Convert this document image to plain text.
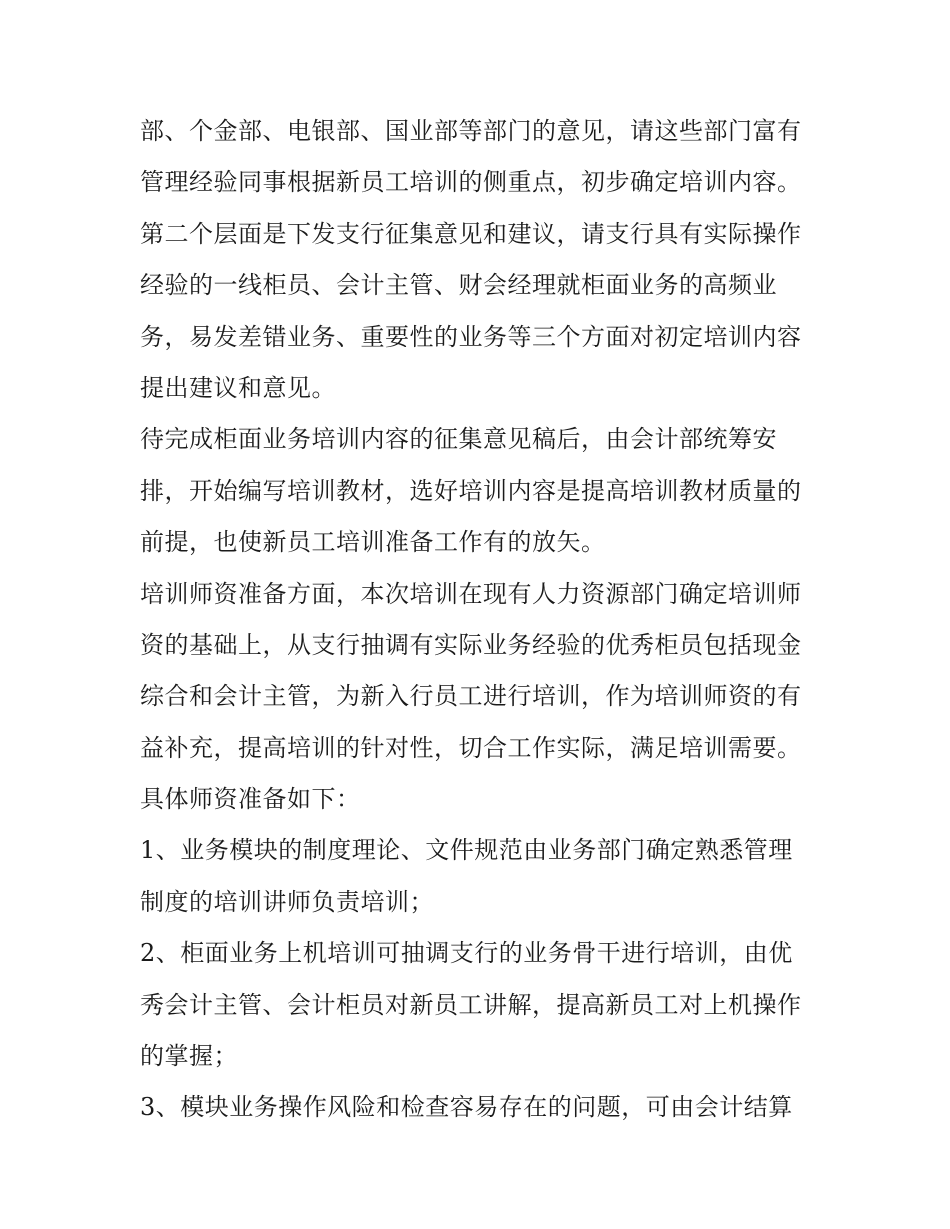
部、个金部、电银部、国业部等部门的意见，请这些部门富有
管理经验同事根据新员工培训的侧重点，初步确定培训内容。
第二个层面是下发支行征集意见和建议，请支行具有实际操作
经验的一线柜员、会计主管、财会经理就柜面业务的高频业
务，易发差错业务、重要性的业务等三个方面对初定培训内容
提出建议和意见。
待完成柜面业务培训内容的征集意见稿后，由会计部统筹安
排，开始编写培训教材，选好培训内容是提高培训教材质量的
前提，也使新员工培训准备工作有的放矢。
培训师资准备方面，本次培训在现有人力资源部门确定培训师
资的基础上，从支行抽调有实际业务经验的优秀柜员包括现金
综合和会计主管，为新入行员工进行培训，作为培训师资的有
益补充，提高培训的针对性，切合工作实际，满足培训需要。
具体师资准备如下：
1、业务模块的制度理论、文件规范由业务部门确定熟悉管理
制度的培训讲师负责培训；
2、柜面业务上机培训可抽调支行的业务骨干进行培训，由优
秀会计主管、会计柜员对新员工讲解，提高新员工对上机操作
的掌握；
3、模块业务操作风险和检查容易存在的问题，可由会计结算
